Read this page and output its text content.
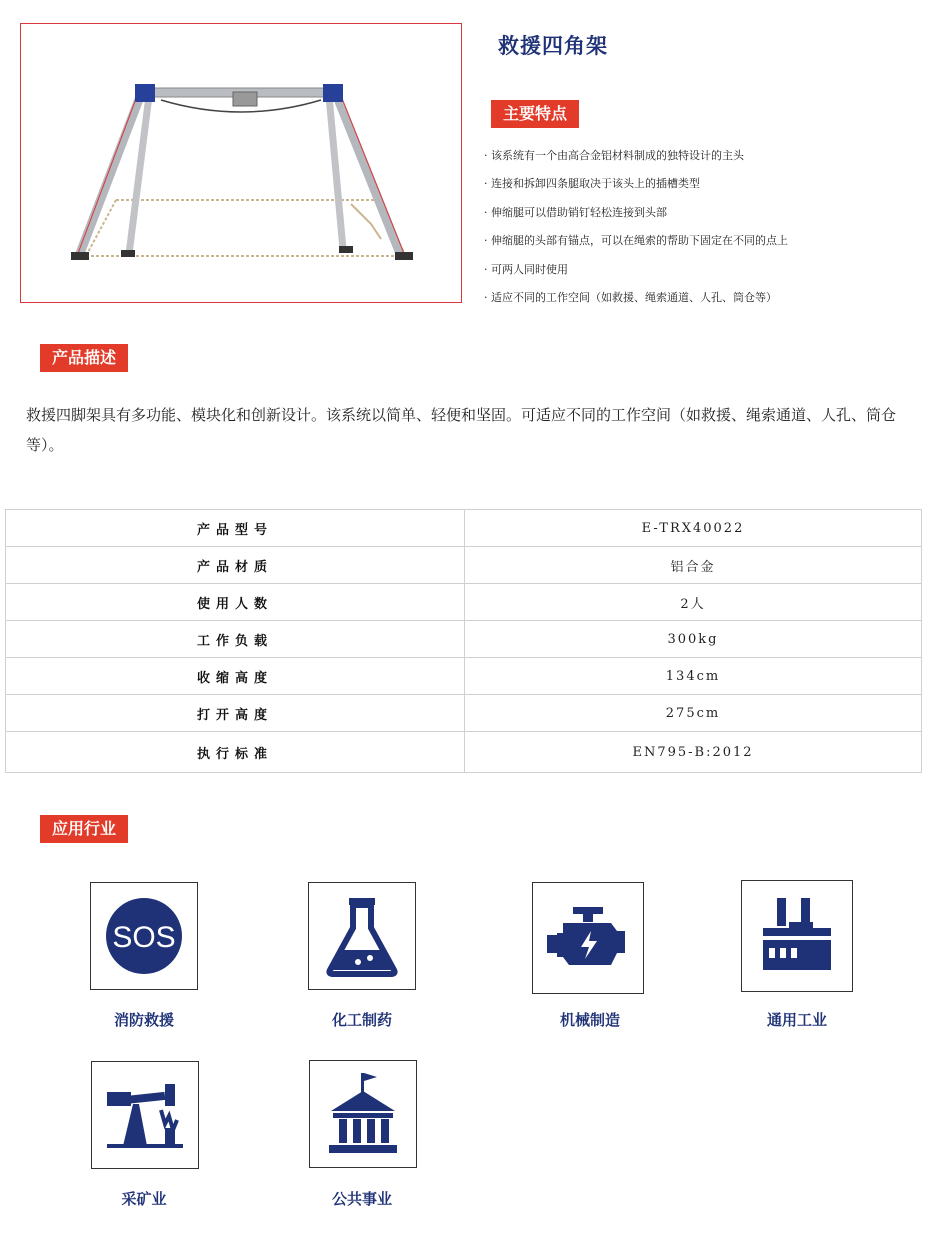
救援四角架
主要特点
· 该系统有一个由高合金铝材料制成的独特设计的主头
· 连接和拆卸四条腿取决于该头上的插槽类型
· 伸缩腿可以借助销钉轻松连接到头部
· 伸缩腿的头部有锚点，可以在绳索的帮助下固定在不同的点上
· 可两人同时使用
· 适应不同的工作空间（如救援、绳索通道、人孔、筒仓等）
产品描述

救援四脚架具有多功能、模块化和创新设计。该系统以简单、轻便和坚固。可适应不同的工作空间（如救援、绳索通道、人孔、筒仓等）。

产品型号	E-TRX40022
产品材质	铝合金
使用人数	2人
工作负载	300kg
收缩高度	134cm
打开高度	275cm
执行标准	EN795-B:2012
应用行业
SOS
消防救援	化工制药	机械制造	通用工业
采矿业	公共事业
